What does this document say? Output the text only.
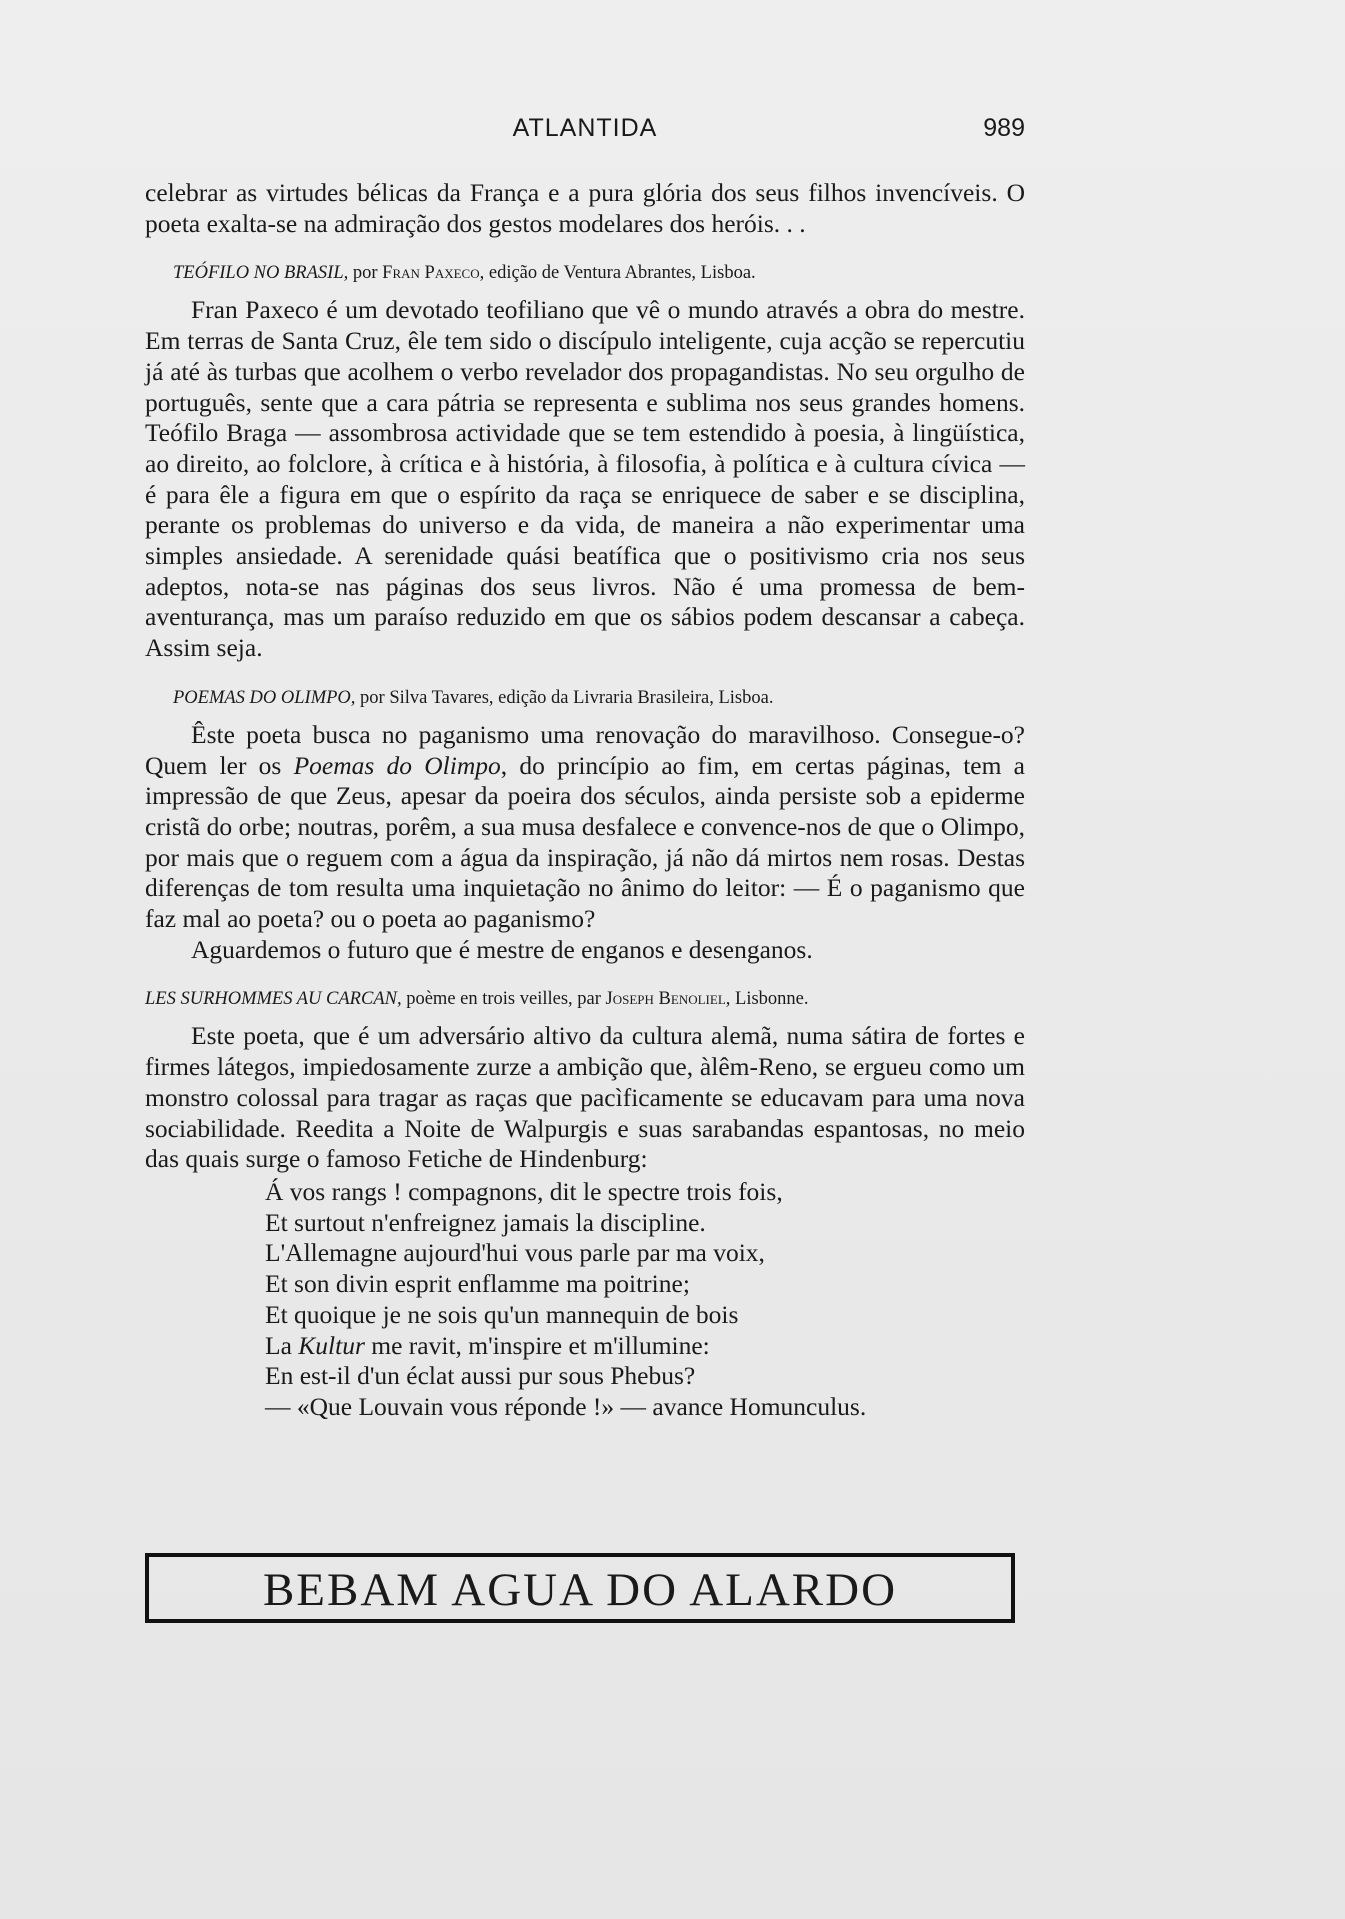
ATLANTIDA	989

celebrar as virtudes bélicas da França e a pura glória dos seus filhos invencíveis. O poeta exalta-se na admiração dos gestos modelares dos heróis. . .

TEÓFILO NO BRASIL, por Fran Paxeco, edição de Ventura Abrantes, Lisboa.

Fran Paxeco é um devotado teofiliano que vê o mundo através a obra do mestre. Em terras de Santa Cruz, êle tem sido o discípulo inteligente, cuja acção se repercutiu já até às turbas que acolhem o verbo revelador dos propagandistas. No seu orgulho de português, sente que a cara pátria se representa e sublima nos seus grandes homens. Teófilo Braga — assombrosa actividade que se tem estendido à poesia, à lingüística, ao direito, ao folclore, à crítica e à história, à filosofia, à política e à cultura cívica — é para êle a figura em que o espírito da raça se enriquece de saber e se disciplina, perante os problemas do universo e da vida, de maneira a não experimentar uma simples ansiedade. A serenidade quási beatífica que o positivismo cria nos seus adeptos, nota-se nas páginas dos seus livros. Não é uma promessa de bem-aventurança, mas um paraíso reduzido em que os sábios podem descansar a cabeça. Assim seja.

POEMAS DO OLIMPO, por Silva Tavares, edição da Livraria Brasileira, Lisboa.

Êste poeta busca no paganismo uma renovação do maravilhoso. Conseguе-o? Quem ler os Poemas do Olimpo, do princípio ao fim, em certas páginas, tem a impressão de que Zeus, apesar da poeira dos séculos, ainda persiste sob a epiderme cristã do orbe; noutras, porêm, a sua musa desfalece e convence-nos de que o Olimpo, por mais que o reguem com a água da inspiração, já não dá mirtos nem rosas. Destas diferenças de tom resulta uma inquietação no ânimo do leitor: — É o paganismo que faz mal ao poeta? ou o poeta ao paganismo?

Aguardemos o futuro que é mestre de enganos e desenganos.

LES SURHOMMES AU CARCAN, poème en trois veilles, par Joseph Benoliel, Lisbonne.

Este poeta, que é um adversário altivo da cultura alemã, numa sátira de fortes e firmes látegos, impiedosamente zurze a ambição que, àlêm-Reno, se ergueu como um monstro colossal para tragar as raças que pacìficamente se educavam para uma nova sociabilidade. Reedita a Noite de Walpurgis e suas sarabandas espantosas, no meio das quais surge o famoso Fetiche de Hindenburg:

Á vos rangs ! compagnons, dit le spectre trois fois,
Et surtout n'enfreignez jamais la discipline.
L'Allemagne aujourd'hui vous parle par ma voix,
Et son divin esprit enflamme ma poitrine;
Et quoique je ne sois qu'un mannequin de bois
La Kultur me ravit, m'inspire et m'illumine:
En est-il d'un éclat aussi pur sous Phebus?
— «Que Louvain vous réponde !» — avance Homunculus.
BEBAM AGUA DO ALARDO
